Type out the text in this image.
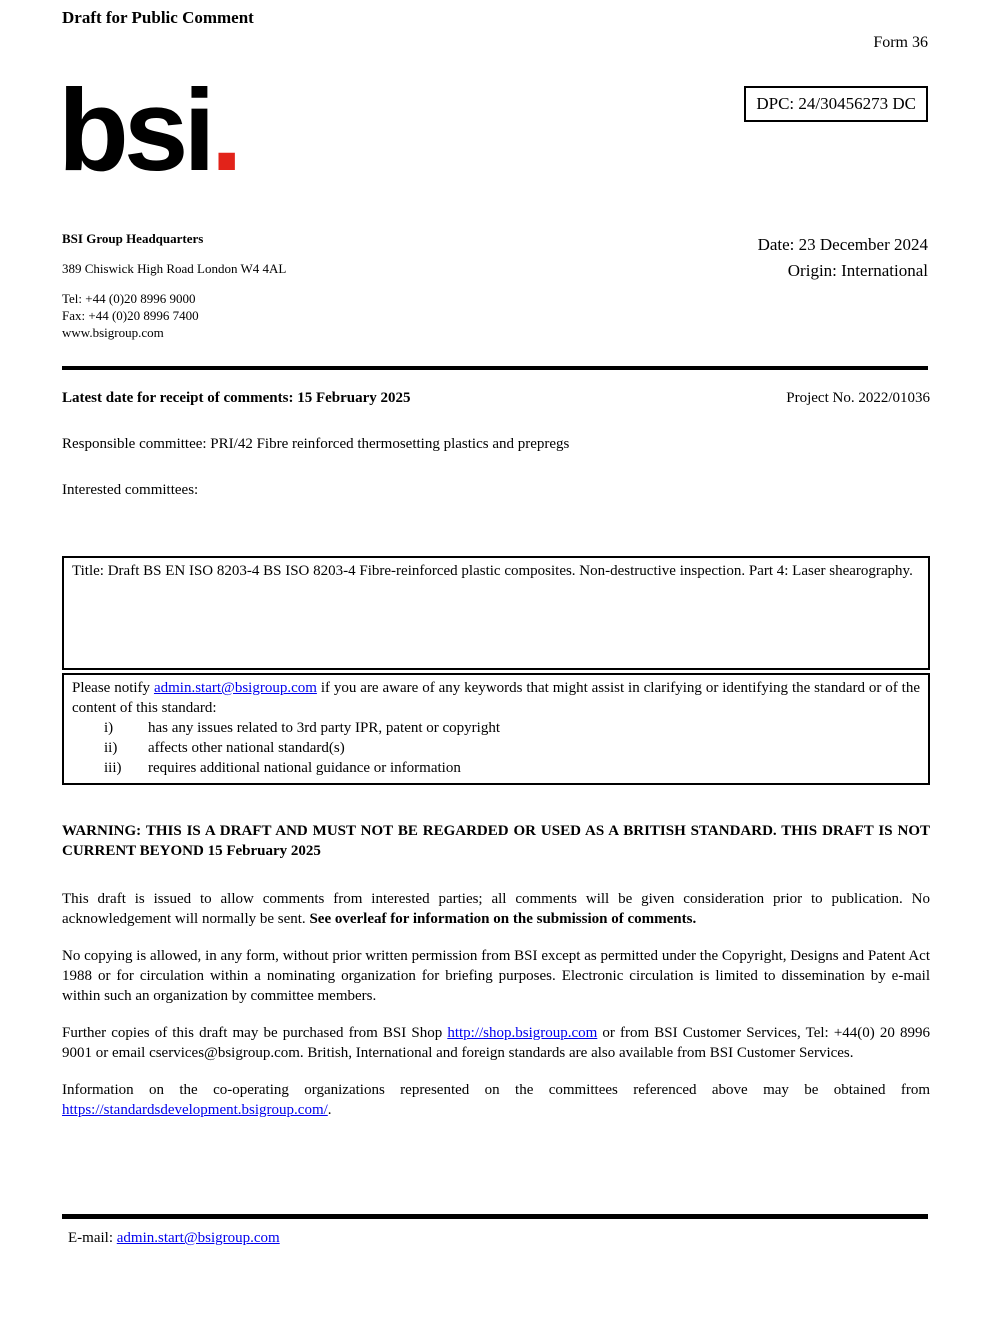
Draft for Public Comment
Form 36
DPC: 24/30456273 DC
bsi.
BSI Group Headquarters
389 Chiswick High Road London W4 4AL
Tel: +44 (0)20 8996 9000
Fax: +44 (0)20 8996 7400
www.bsigroup.com
Date: 23 December 2024
Origin: International
Latest date for receipt of comments: 15 February 2025	Project No. 2022/01036
Responsible committee: PRI/42 Fibre reinforced thermosetting plastics and prepregs
Interested committees:
Title: Draft BS EN ISO 8203-4 BS ISO 8203-4 Fibre-reinforced plastic composites. Non-destructive inspection. Part 4: Laser shearography.
Please notify admin.start@bsigroup.com if you are aware of any keywords that might assist in clarifying or identifying the standard or of the content of this standard:
i)	has any issues related to 3rd party IPR, patent or copyright
ii)	affects other national standard(s)
iii)	requires additional national guidance or information
WARNING: THIS IS A DRAFT AND MUST NOT BE REGARDED OR USED AS A BRITISH STANDARD. THIS DRAFT IS NOT CURRENT BEYOND 15 February 2025
This draft is issued to allow comments from interested parties; all comments will be given consideration prior to publication. No acknowledgement will normally be sent. See overleaf for information on the submission of comments.
No copying is allowed, in any form, without prior written permission from BSI except as permitted under the Copyright, Designs and Patent Act 1988 or for circulation within a nominating organization for briefing purposes. Electronic circulation is limited to dissemination by e-mail within such an organization by committee members.
Further copies of this draft may be purchased from BSI Shop http://shop.bsigroup.com or from BSI Customer Services, Tel: +44(0) 20 8996 9001 or email cservices@bsigroup.com. British, International and foreign standards are also available from BSI Customer Services.
Information on the co-operating organizations represented on the committees referenced above may be obtained from https://standardsdevelopment.bsigroup.com/.
E-mail: admin.start@bsigroup.com
